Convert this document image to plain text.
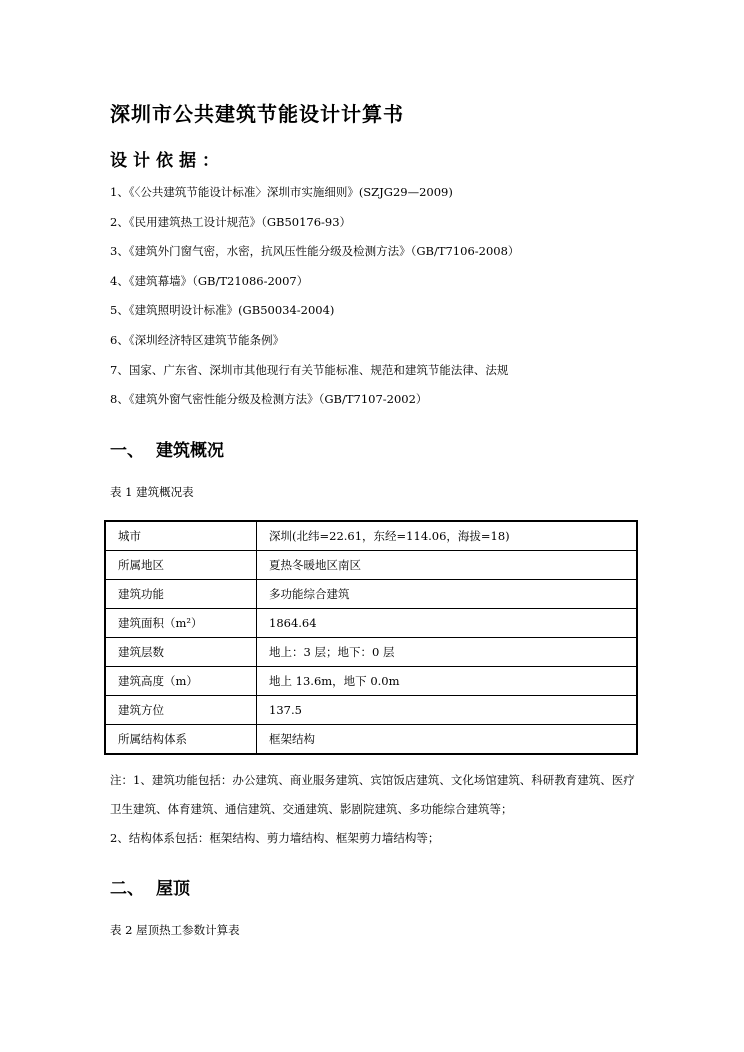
深圳市公共建筑节能设计计算书
设计依据：
1、《〈公共建筑节能设计标准〉深圳市实施细则》(SZJG29—2009)
2、《民用建筑热工设计规范》（GB50176-93）
3、《建筑外门窗气密，水密，抗风压性能分级及检测方法》（GB/T7106-2008）
4、《建筑幕墙》（GB/T21086-2007）
5、《建筑照明设计标准》(GB50034-2004)
6、《深圳经济特区建筑节能条例》
7、国家、广东省、深圳市其他现行有关节能标准、规范和建筑节能法律、法规
8、《建筑外窗气密性能分级及检测方法》（GB/T7107-2002）
一、 建筑概况
表 1 建筑概况表
城市	深圳(北纬=22.61，东经=114.06，海拔=18)
所属地区	夏热冬暖地区南区
建筑功能	多功能综合建筑
建筑面积（m²）	1864.64
建筑层数	地上：3 层；地下：0 层
建筑高度（m）	地上 13.6m，地下 0.0m
建筑方位	137.5
所属结构体系	框架结构
注：1、建筑功能包括：办公建筑、商业服务建筑、宾馆饭店建筑、文化场馆建筑、科研教育建筑、医疗卫生建筑、体育建筑、通信建筑、交通建筑、影剧院建筑、多功能综合建筑等；
2、结构体系包括：框架结构、剪力墙结构、框架剪力墙结构等；
二、 屋顶
表 2 屋顶热工参数计算表
